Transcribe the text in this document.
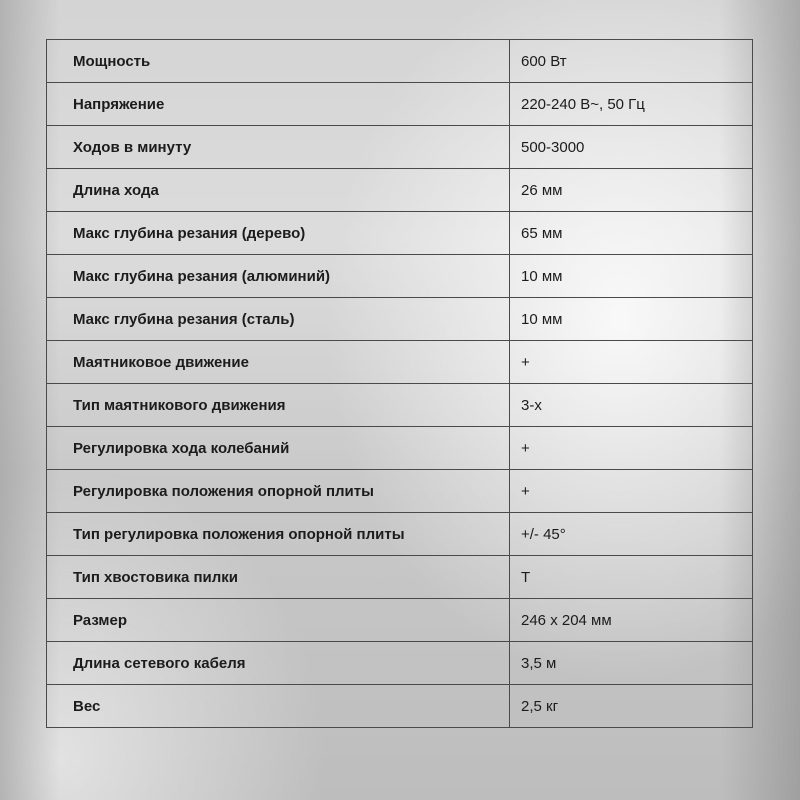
Мощность	600 Вт
Напряжение	220-240 В~, 50 Гц
Ходов в минуту	500-3000
Длина хода	26 мм
Макс глубина резания (дерево)	65 мм
Макс глубина резания (алюминий)	10 мм
Макс глубина резания (сталь)	10 мм
Маятниковое движение	+
Тип маятникового движения	3-х
Регулировка хода колебаний	+
Регулировка положения опорной плиты	+
Тип регулировка положения опорной плиты	+/- 45°
Тип хвостовика пилки	T
Размер	246 x 204 мм
Длина сетевого кабеля	3,5 м
Вес	2,5 кг
